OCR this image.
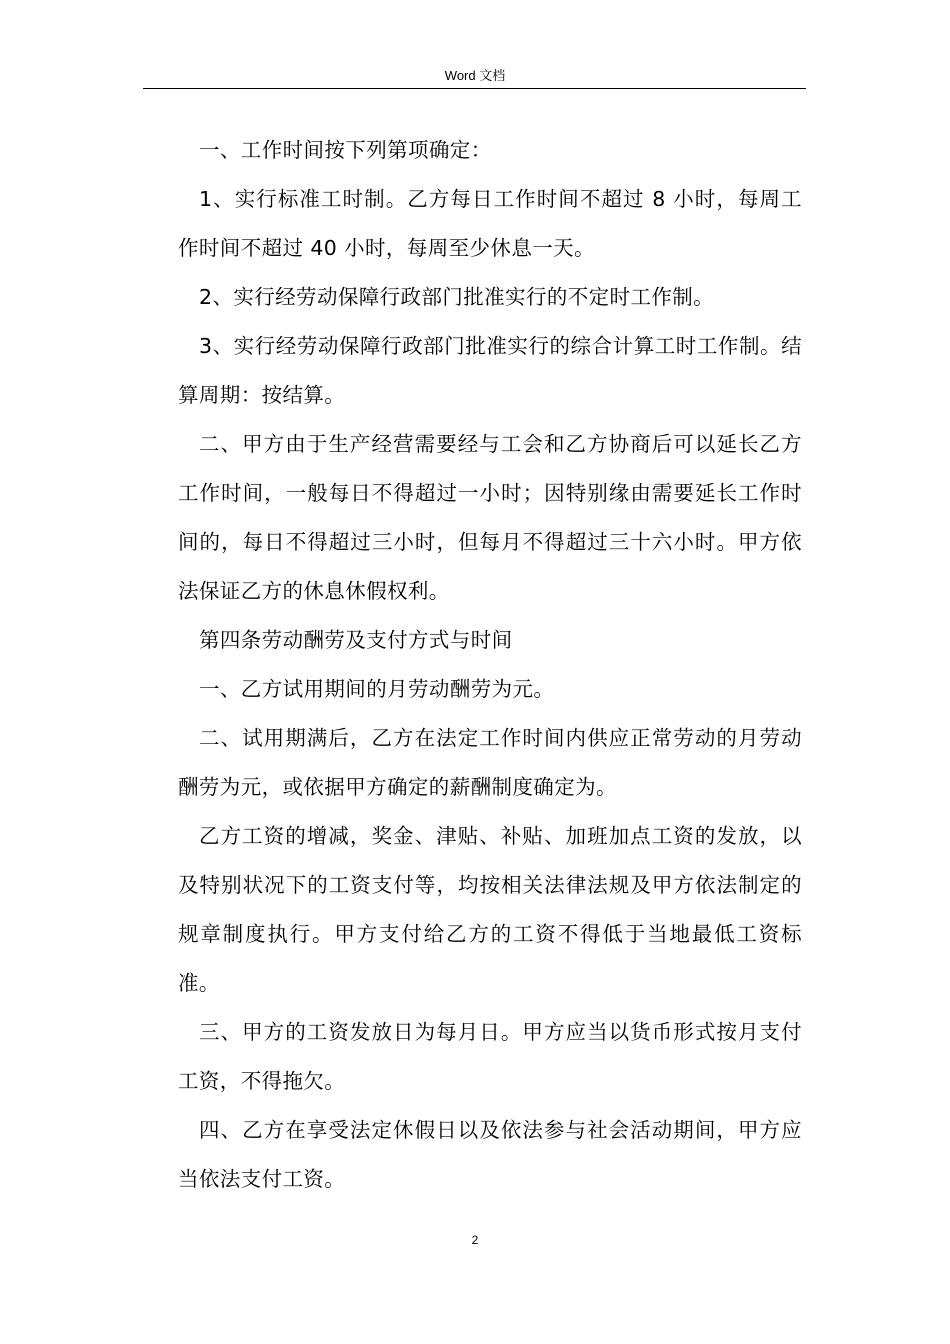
Word 文档

一、工作时间按下列第项确定：

1、实行标准工时制。乙方每日工作时间不超过 8 小时，每周工作时间不超过 40 小时，每周至少休息一天。

2、实行经劳动保障行政部门批准实行的不定时工作制。

3、实行经劳动保障行政部门批准实行的综合计算工时工作制。结算周期：按结算。

二、甲方由于生产经营需要经与工会和乙方协商后可以延长乙方工作时间，一般每日不得超过一小时；因特别缘由需要延长工作时间的，每日不得超过三小时，但每月不得超过三十六小时。甲方依法保证乙方的休息休假权利。

第四条劳动酬劳及支付方式与时间

一、乙方试用期间的月劳动酬劳为元。

二、试用期满后，乙方在法定工作时间内供应正常劳动的月劳动酬劳为元，或依据甲方确定的薪酬制度确定为。

乙方工资的增减，奖金、津贴、补贴、加班加点工资的发放，以及特别状况下的工资支付等，均按相关法律法规及甲方依法制定的规章制度执行。甲方支付给乙方的工资不得低于当地最低工资标准。

三、甲方的工资发放日为每月日。甲方应当以货币形式按月支付工资，不得拖欠。

四、乙方在享受法定休假日以及依法参与社会活动期间，甲方应当依法支付工资。

2
